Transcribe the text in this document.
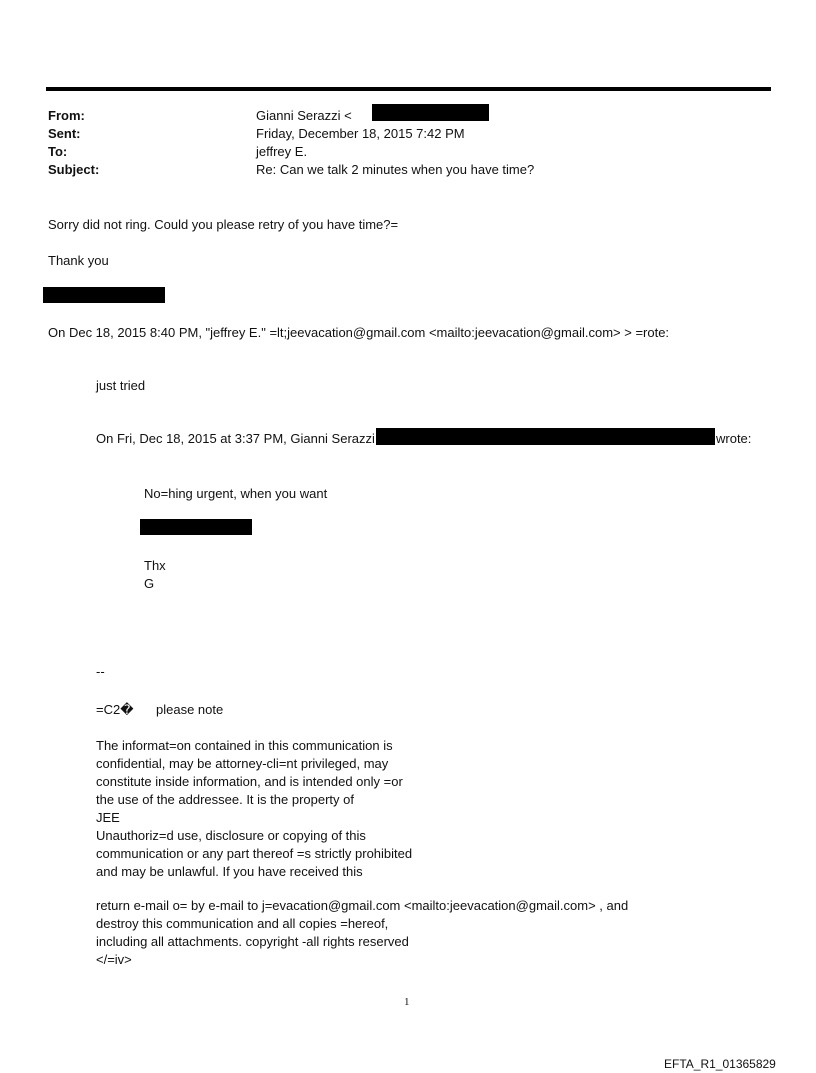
From:
Sent:
To:
Subject:
Gianni Serazzi <
Friday, December 18, 2015 7:42 PM
jeffrey E.
Re: Can we talk 2 minutes when you have time?
Sorry did not ring. Could you please retry of you have time?=
Thank you
On Dec 18, 2015 8:40 PM, "jeffrey E." =lt;jeevacation@gmail.com <mailto:jeevacation@gmail.com> > =rote:
just tried
On Fri, Dec 18, 2015 at 3:37 PM, Gianni Serazzi	wrote:
No=hing urgent, when you want
Thx
G
--
=C2� please note
The informat=on contained in this communication is
confidential, may be attorney-cli=nt privileged, may
constitute inside information, and is intended only =or
the use of the addressee. It is the property of
JEE
Unauthoriz=d use, disclosure or copying of this
communication or any part thereof =s strictly prohibited
and may be unlawful. If you have received this
return e-mail o= by e-mail to j=evacation@gmail.com <mailto:jeevacation@gmail.com> , and
destroy this communication and all copies =hereof,
including all attachments. copyright -all rights reserved
</=iv>
1
EFTA_R1_01365829
